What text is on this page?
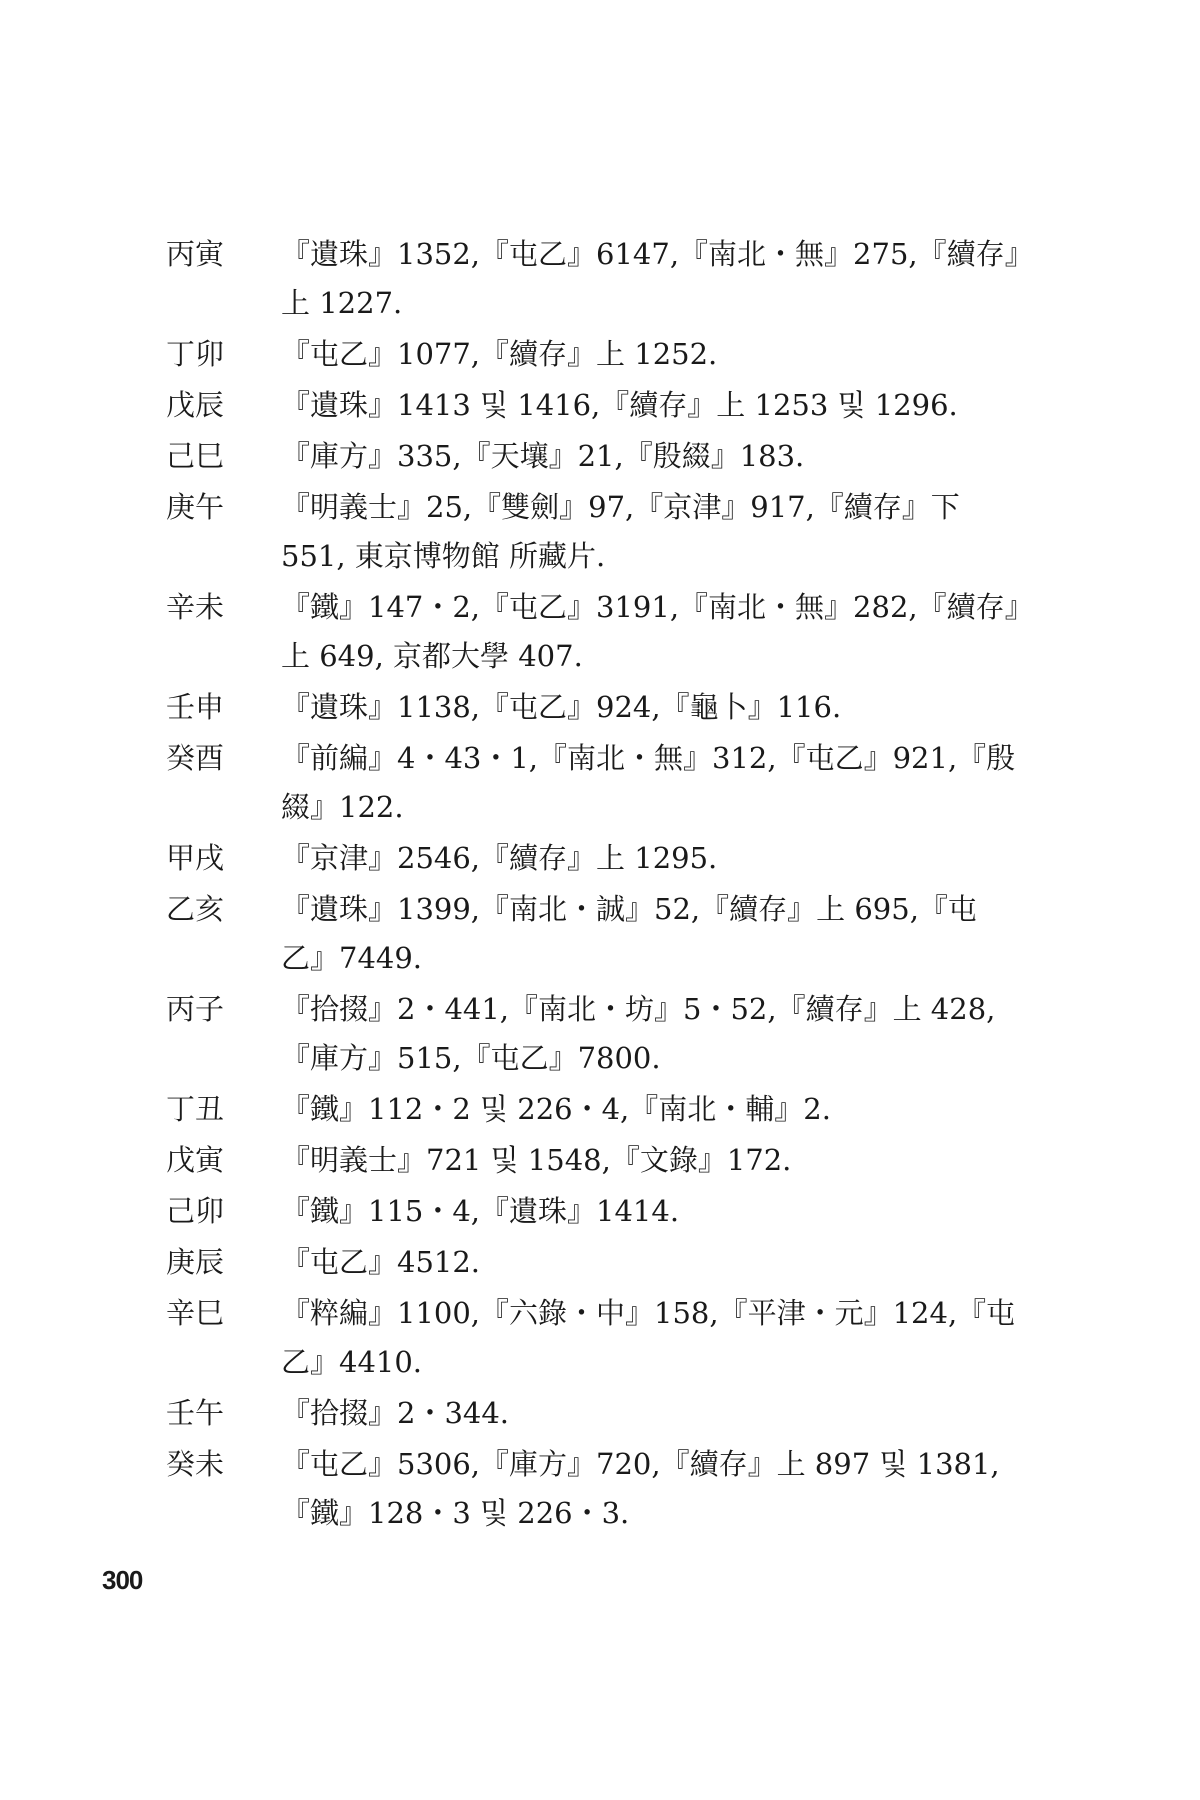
丙寅	『遺珠』1352,『屯乙』6147,『南北・無』275,『續存』
上 1227.
丁卯	『屯乙』1077,『續存』上 1252.
戊辰	『遺珠』1413 및 1416,『續存』上 1253 및 1296.
己巳	『庫方』335,『天壤』21,『殷綴』183.
庚午	『明義士』25,『雙劍』97,『京津』917,『續存』下
551, 東京博物館 所藏片.
辛未	『鐵』147・2,『屯乙』3191,『南北・無』282,『續存』
上 649, 京都大學 407.
壬申	『遺珠』1138,『屯乙』924,『龜卜』116.
癸酉	『前編』4・43・1,『南北・無』312,『屯乙』921,『殷
綴』122.
甲戌	『京津』2546,『續存』上 1295.
乙亥	『遺珠』1399,『南北・誠』52,『續存』上 695,『屯
乙』7449.
丙子	『拾掇』2・441,『南北・坊』5・52,『續存』上 428,
『庫方』515,『屯乙』7800.
丁丑	『鐵』112・2 및 226・4,『南北・輔』2.
戊寅	『明義士』721 및 1548,『文錄』172.
己卯	『鐵』115・4,『遺珠』1414.
庚辰	『屯乙』4512.
辛巳	『粹編』1100,『六錄・中』158,『平津・元』124,『屯
乙』4410.
壬午	『拾掇』2・344.
癸未	『屯乙』5306,『庫方』720,『續存』上 897 및 1381,
『鐵』128・3 및 226・3.
300
